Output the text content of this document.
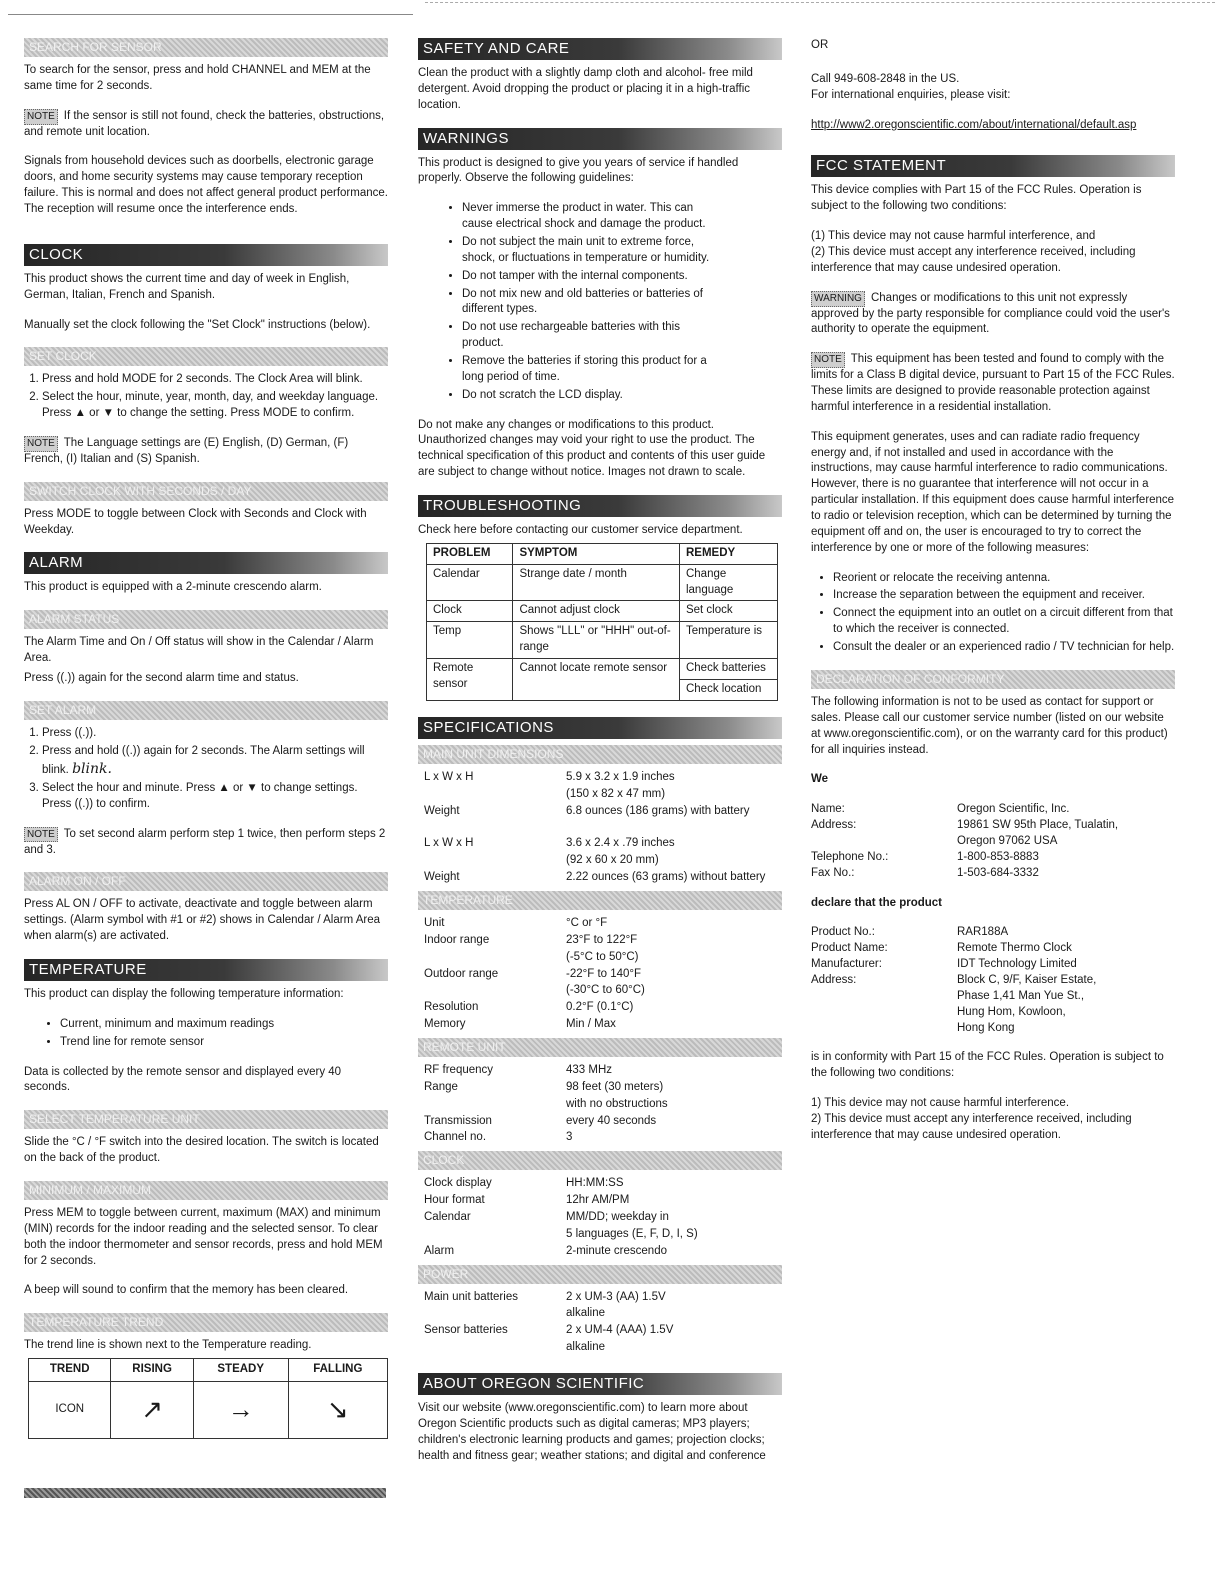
SEARCH FOR SENSOR

To search for the sensor, press and hold CHANNEL and MEM at the same time for 2 seconds.

NOTE If the sensor is still not found, check the batteries, obstructions, and remote unit location.

Signals from household devices such as doorbells, electronic garage doors, and home security systems may cause temporary reception failure. This is normal and does not affect general product performance. The reception will resume once the interference ends.

CLOCK

This product shows the current time and day of week in English, German, Italian, French and Spanish.

Manually set the clock following the "Set Clock" instructions (below).

SET CLOCK
1. Press and hold MODE for 2 seconds. The Clock Area will blink.
2. Select the hour, minute, year, month, day, and weekday language. Press ▲ or ▼ to change the setting. Press MODE to confirm.

NOTE The Language settings are (E) English, (D) German, (F) French, (I) Italian and (S) Spanish.

SWITCH CLOCK WITH SECONDS / DAY

Press MODE to toggle between Clock with Seconds and Clock with Weekday.

ALARM

This product is equipped with a 2-minute crescendo alarm.

ALARM STATUS

The Alarm Time and On / Off status will show in the Calendar / Alarm Area.

Press ((.)) again for the second alarm time and status.

SET ALARM
1. Press ((.)).
2. Press and hold ((.)) again for 2 seconds. The Alarm settings will blink. blink.
3. Select the hour and minute. Press ▲ or ▼ to change settings. Press ((.)) to confirm.

NOTE To set second alarm perform step 1 twice, then perform steps 2 and 3.

ALARM ON / OFF

Press AL ON / OFF to activate, deactivate and toggle between alarm settings. (Alarm symbol with #1 or #2) shows in Calendar / Alarm Area when alarm(s) are activated.

TEMPERATURE

This product can display the following temperature information:

• Current, minimum and maximum readings
• Trend line for remote sensor

Data is collected by the remote sensor and displayed every 40 seconds.

SELECT TEMPERATURE UNIT

Slide the °C / °F switch into the desired location. The switch is located on the back of the product.

MINIMUM / MAXIMUM

Press MEM to toggle between current, maximum (MAX) and minimum (MIN) records for the indoor reading and the selected sensor. To clear both the indoor thermometer and sensor records, press and hold MEM for 2 seconds.

A beep will sound to confirm that the memory has been cleared.

TEMPERATURE TREND

The trend line is shown next to the Temperature reading.

TREND	RISING	STEADY	FALLING
ICON	↗	→	↘
SAFETY AND CARE

Clean the product with a slightly damp cloth and alcohol- free mild detergent. Avoid dropping the product or placing it in a high-traffic location.

WARNINGS

This product is designed to give you years of service if handled properly. Observe the following guidelines:

• Never immerse the product in water. This can cause electrical shock and damage the product.
• Do not subject the main unit to extreme force, shock, or fluctuations in temperature or humidity.
• Do not tamper with the internal components.
• Do not mix new and old batteries or batteries of different types.
• Do not use rechargeable batteries with this product.
• Remove the batteries if storing this product for a long period of time.
• Do not scratch the LCD display.

Do not make any changes or modifications to this product. Unauthorized changes may void your right to use the product. The technical specification of this product and contents of this user guide are subject to change without notice. Images not drawn to scale.

TROUBLESHOOTING

Check here before contacting our customer service department.

PROBLEM	SYMPTOM	REMEDY
Calendar	Strange date / month	Change language
Clock	Cannot adjust clock	Set clock
Temp	Shows "LLL" or "HHH" out-of-range	Temperature is
Remote sensor	Cannot locate remote sensor	Check batteries
		Check location
SPECIFICATIONS
MAIN UNIT DIMENSIONS
L x W x H	5.9 x 3.2 x 1.9 inches
(150 x 82 x 47 mm)
Weight	6.8 ounces (186 grams) with battery
L x W x H	3.6 x 2.4 x .79 inches
(92 x 60 x 20 mm)
Weight	2.22 ounces (63 grams) without battery
TEMPERATURE
Unit	°C or °F
Indoor range	23°F to 122°F
(-5°C to 50°C)
Outdoor range	-22°F to 140°F
(-30°C to 60°C)
Resolution	0.2°F (0.1°C)
Memory	Min / Max
REMOTE UNIT
RF frequency	433 MHz
Range	98 feet (30 meters)
with no obstructions
Transmission	every 40 seconds
Channel no.	3
CLOCK
Clock display	HH:MM:SS
Hour format	12hr AM/PM
Calendar	MM/DD; weekday in
5 languages (E, F, D, I, S)
Alarm	2-minute crescendo
POWER
Main unit batteries	2 x UM-3 (AA) 1.5V
alkaline
Sensor batteries	2 x UM-4 (AAA) 1.5V
alkaline
ABOUT OREGON SCIENTIFIC

Visit our website (www.oregonscientific.com) to learn more about Oregon Scientific products such as digital cameras; MP3 players; children's electronic learning products and games; projection clocks; health and fitness gear; weather stations; and digital and conference

OR

Call 949-608-2848 in the US.

For international enquiries, please visit:

http://www2.oregonscientific.com/about/international/default.asp

FCC STATEMENT

This device complies with Part 15 of the FCC Rules. Operation is subject to the following two conditions:

(1) This device may not cause harmful interference, and
(2) This device must accept any interference received, including interference that may cause undesired operation.

WARNING Changes or modifications to this unit not expressly approved by the party responsible for compliance could void the user's authority to operate the equipment.

NOTE This equipment has been tested and found to comply with the limits for a Class B digital device, pursuant to Part 15 of the FCC Rules. These limits are designed to provide reasonable protection against harmful interference in a residential installation.

This equipment generates, uses and can radiate radio frequency energy and, if not installed and used in accordance with the instructions, may cause harmful interference to radio communications. However, there is no guarantee that interference will not occur in a particular installation. If this equipment does cause harmful interference to radio or television reception, which can be determined by turning the equipment off and on, the user is encouraged to try to correct the interference by one or more of the following measures:

• Reorient or relocate the receiving antenna.
• Increase the separation between the equipment and receiver.
• Connect the equipment into an outlet on a circuit different from that to which the receiver is connected.
• Consult the dealer or an experienced radio / TV technician for help.
DECLARATION OF CONFORMITY

The following information is not to be used as contact for support or sales. Please call our customer service number (listed on our website at www.oregonscientific.com), or on the warranty card for this product) for all inquiries instead.

We

Name:	Oregon Scientific, Inc.
Address:	19861 SW 95th Place, Tualatin,
Oregon 97062 USA
Telephone No.:	1-800-853-8883
Fax No.:	1-503-684-3332

declare that the product

Product No.:	RAR188A
Product Name:	Remote Thermo Clock
Manufacturer:	IDT Technology Limited
Address:	Block C, 9/F, Kaiser Estate,
Phase 1,41 Man Yue St.,
Hung Hom, Kowloon,
Hong Kong

is in conformity with Part 15 of the FCC Rules. Operation is subject to the following two conditions:

1) This device may not cause harmful interference.
2) This device must accept any interference received, including interference that may cause undesired operation.
